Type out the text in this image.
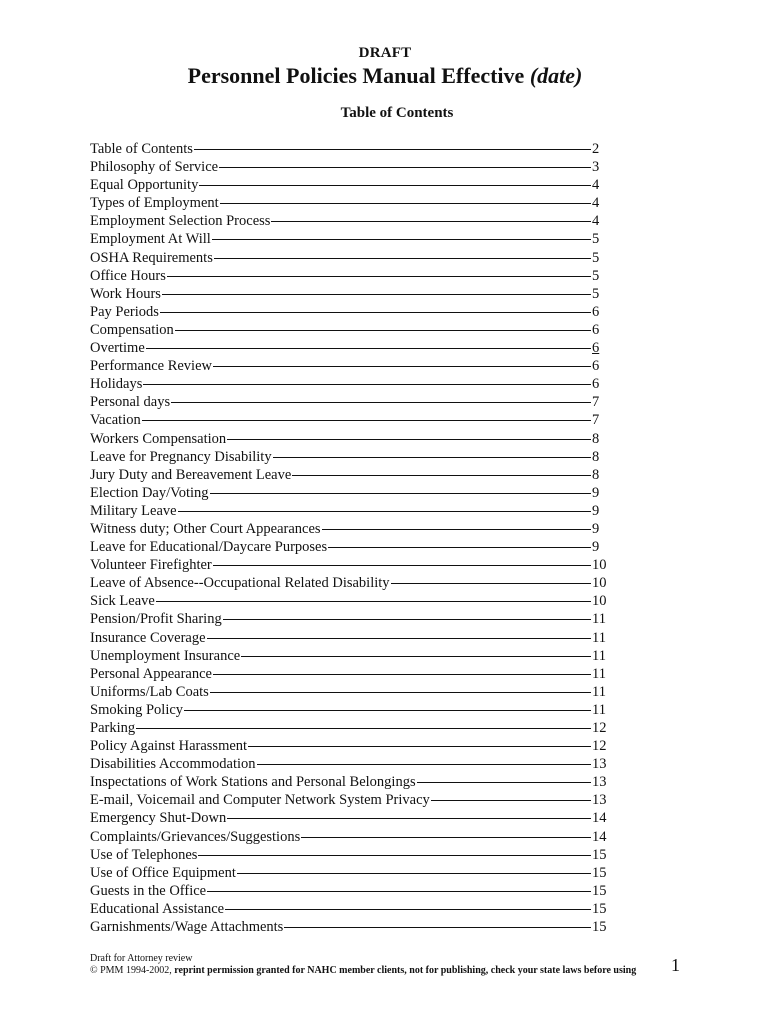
DRAFT
Personnel Policies Manual Effective (date)
Table of Contents
Table of Contents	2
Philosophy of Service	3
Equal Opportunity	4
Types of Employment	4
Employment Selection Process	4
Employment At Will	5
OSHA Requirements	5
Office Hours	5
Work Hours	5
Pay Periods	6
Compensation	6
Overtime	6
Performance Review	6
Holidays	6
Personal days	7
Vacation	7
Workers Compensation	8
Leave for Pregnancy Disability	8
Jury Duty and Bereavement Leave	8
Election Day/Voting	9
Military Leave	9
Witness duty; Other Court Appearances	9
Leave for Educational/Daycare Purposes	9
Volunteer Firefighter	10
Leave of Absence--Occupational Related Disability	10
Sick Leave	10
Pension/Profit Sharing	11
Insurance Coverage	11
Unemployment Insurance	11
Personal Appearance	11
Uniforms/Lab Coats	11
Smoking Policy	11
Parking	12
Policy Against Harassment	12
Disabilities Accommodation	13
Inspectations of Work Stations and Personal Belongings	13
E-mail, Voicemail and Computer Network System Privacy	13
Emergency Shut-Down	14
Complaints/Grievances/Suggestions	14
Use of Telephones	15
Use of Office Equipment	15
Guests in the Office	15
Educational Assistance	15
Garnishments/Wage Attachments	15
Draft for Attorney review
© PMM 1994-2002, reprint permission granted for NAHC member clients, not for publishing, check your state laws before using 1
